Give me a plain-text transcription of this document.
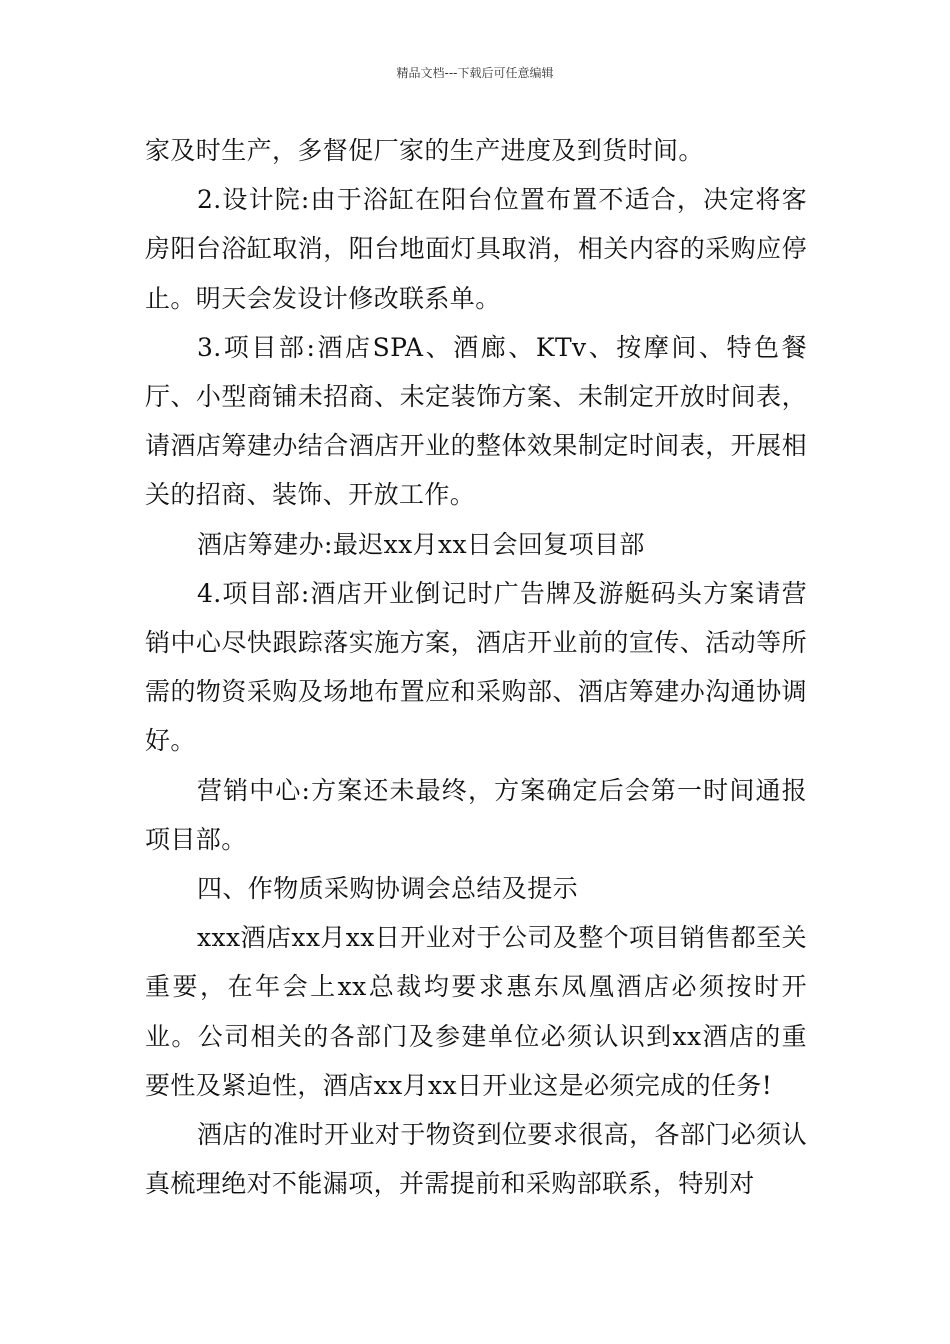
精品文档---下载后可任意编辑

家及时生产，多督促厂家的生产进度及到货时间。

2.设计院:由于浴缸在阳台位置布置不适合，决定将客房阳台浴缸取消，阳台地面灯具取消，相关内容的采购应停止。明天会发设计修改联系单。

3.项目部:酒店SPA、酒廊、KTv、按摩间、特色餐厅、小型商铺未招商、未定装饰方案、未制定开放时间表，请酒店筹建办结合酒店开业的整体效果制定时间表，开展相关的招商、装饰、开放工作。

酒店筹建办:最迟xx月xx日会回复项目部

4.项目部:酒店开业倒记时广告牌及游艇码头方案请营销中心尽快跟踪落实施方案，酒店开业前的宣传、活动等所需的物资采购及场地布置应和采购部、酒店筹建办沟通协调好。

营销中心:方案还未最终，方案确定后会第一时间通报项目部。

四、作物质采购协调会总结及提示

xxx酒店xx月xx日开业对于公司及整个项目销售都至关重要，在年会上xx总裁均要求惠东凤凰酒店必须按时开业。公司相关的各部门及参建单位必须认识到xx酒店的重要性及紧迫性，酒店xx月xx日开业这是必须完成的任务!

酒店的准时开业对于物资到位要求很高，各部门必须认真梳理绝对不能漏项，并需提前和采购部联系，特别对
